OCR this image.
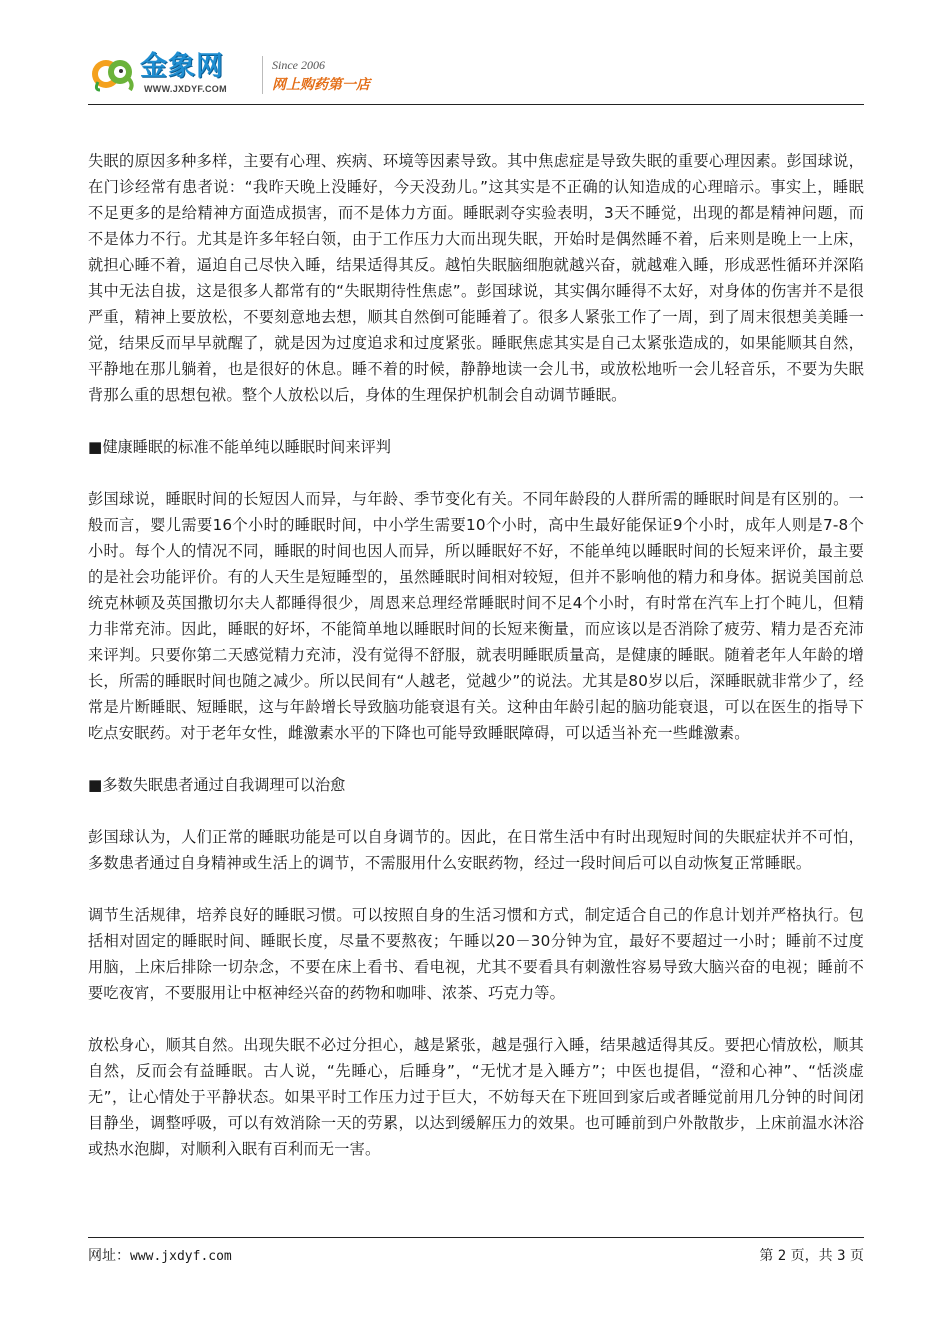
金象网
WWW.JXDYF.COM
Since 2006
网上购药第一店

失眠的原因多种多样，主要有心理、疾病、环境等因素导致。其中焦虑症是导致失眠的重要心理因素。彭国球说，在门诊经常有患者说：“我昨天晚上没睡好，今天没劲儿。”这其实是不正确的认知造成的心理暗示。事实上，睡眠不足更多的是给精神方面造成损害，而不是体力方面。睡眠剥夺实验表明，3天不睡觉，出现的都是精神问题，而不是体力不行。尤其是许多年轻白领，由于工作压力大而出现失眠，开始时是偶然睡不着，后来则是晚上一上床，就担心睡不着，逼迫自己尽快入睡，结果适得其反。越怕失眠脑细胞就越兴奋，就越难入睡，形成恶性循环并深陷其中无法自拔，这是很多人都常有的“失眠期待性焦虑”。彭国球说，其实偶尔睡得不太好，对身体的伤害并不是很严重，精神上要放松，不要刻意地去想，顺其自然倒可能睡着了。很多人紧张工作了一周，到了周末很想美美睡一觉，结果反而早早就醒了，就是因为过度追求和过度紧张。睡眠焦虑其实是自己太紧张造成的，如果能顺其自然，平静地在那儿躺着，也是很好的休息。睡不着的时候，静静地读一会儿书，或放松地听一会儿轻音乐，不要为失眠背那么重的思想包袱。整个人放松以后，身体的生理保护机制会自动调节睡眠。

■健康睡眠的标准不能单纯以睡眠时间来评判

彭国球说，睡眠时间的长短因人而异，与年龄、季节变化有关。不同年龄段的人群所需的睡眠时间是有区别的。一般而言，婴儿需要16个小时的睡眠时间，中小学生需要10个小时，高中生最好能保证9个小时，成年人则是7-8个小时。每个人的情况不同，睡眠的时间也因人而异，所以睡眠好不好，不能单纯以睡眠时间的长短来评价，最主要的是社会功能评价。有的人天生是短睡型的，虽然睡眠时间相对较短，但并不影响他的精力和身体。据说美国前总统克林顿及英国撒切尔夫人都睡得很少，周恩来总理经常睡眠时间不足4个小时，有时常在汽车上打个盹儿，但精力非常充沛。因此，睡眠的好坏，不能简单地以睡眠时间的长短来衡量，而应该以是否消除了疲劳、精力是否充沛来评判。只要你第二天感觉精力充沛，没有觉得不舒服，就表明睡眠质量高，是健康的睡眠。随着老年人年龄的增长，所需的睡眠时间也随之减少。所以民间有“人越老，觉越少”的说法。尤其是80岁以后，深睡眠就非常少了，经常是片断睡眠、短睡眠，这与年龄增长导致脑功能衰退有关。这种由年龄引起的脑功能衰退，可以在医生的指导下吃点安眠药。对于老年女性，雌激素水平的下降也可能导致睡眠障碍，可以适当补充一些雌激素。

■多数失眠患者通过自我调理可以治愈

彭国球认为，人们正常的睡眠功能是可以自身调节的。因此，在日常生活中有时出现短时间的失眠症状并不可怕，多数患者通过自身精神或生活上的调节，不需服用什么安眠药物，经过一段时间后可以自动恢复正常睡眠。

调节生活规律，培养良好的睡眠习惯。可以按照自身的生活习惯和方式，制定适合自己的作息计划并严格执行。包括相对固定的睡眠时间、睡眠长度，尽量不要熬夜；午睡以20－30分钟为宜，最好不要超过一小时；睡前不过度用脑，上床后排除一切杂念，不要在床上看书、看电视，尤其不要看具有刺激性容易导致大脑兴奋的电视；睡前不要吃夜宵，不要服用让中枢神经兴奋的药物和咖啡、浓茶、巧克力等。

放松身心，顺其自然。出现失眠不必过分担心，越是紧张，越是强行入睡，结果越适得其反。要把心情放松，顺其自然，反而会有益睡眠。古人说，“先睡心，后睡身”，“无忧才是入睡方”；中医也提倡，“澄和心神”、“恬淡虚无”，让心情处于平静状态。如果平时工作压力过于巨大，不妨每天在下班回到家后或者睡觉前用几分钟的时间闭目静坐，调整呼吸，可以有效消除一天的劳累，以达到缓解压力的效果。也可睡前到户外散散步，上床前温水沐浴或热水泡脚，对顺利入眠有百利而无一害。

网址：www.jxdyf.com	第 2 页，共 3 页
